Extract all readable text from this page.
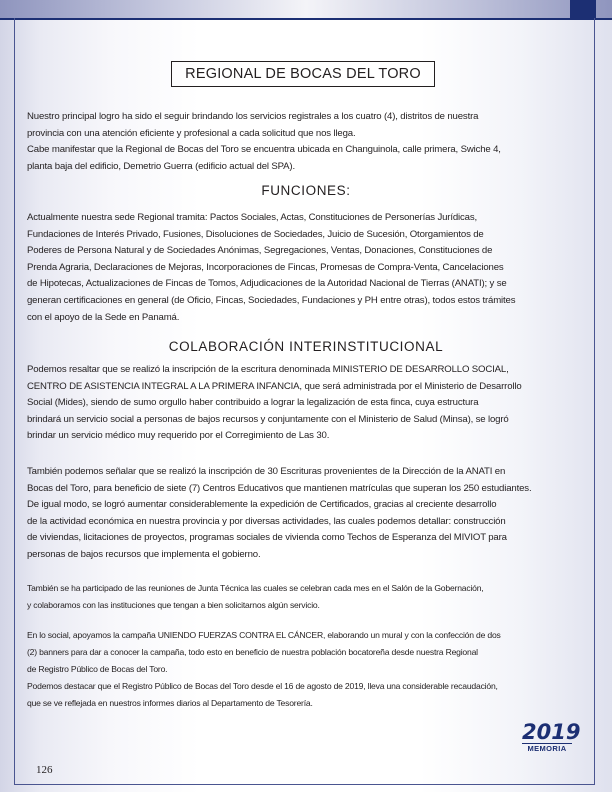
REGIONAL DE BOCAS DEL TORO
Nuestro principal logro ha sido el seguir brindando los servicios registrales a los cuatro (4), distritos de nuestra
provincia con una atención eficiente y profesional a cada solicitud que nos llega.
Cabe manifestar que la Regional de Bocas del Toro se encuentra ubicada en Changuinola, calle primera, Swiche 4,
planta baja del edificio, Demetrio Guerra (edificio actual del SPA).
FUNCIONES:
Actualmente nuestra sede Regional tramita: Pactos Sociales, Actas, Constituciones de Personerías Jurídicas,
Fundaciones de Interés Privado, Fusiones, Disoluciones de Sociedades, Juicio de Sucesión, Otorgamientos de
Poderes de Persona Natural y de Sociedades Anónimas, Segregaciones, Ventas, Donaciones, Constituciones de
Prenda Agraria, Declaraciones de Mejoras, Incorporaciones de Fincas, Promesas de Compra-Venta, Cancelaciones
de Hipotecas, Actualizaciones de Fincas de Tomos, Adjudicaciones de la Autoridad Nacional de Tierras (ANATI); y se
generan certificaciones en general (de Oficio, Fincas, Sociedades, Fundaciones y PH entre otras), todos estos trámites
con el apoyo de la Sede en Panamá.
COLABORACIÓN INTERINSTITUCIONAL
Podemos resaltar que se realizó la inscripción de la escritura denominada MINISTERIO DE DESARROLLO SOCIAL,
CENTRO DE ASISTENCIA INTEGRAL A LA PRIMERA INFANCIA, que será administrada por el Ministerio de Desarrollo
Social (Mides), siendo de sumo orgullo haber contribuido a lograr la legalización de esta finca, cuya estructura
brindará un servicio social a personas de bajos recursos y conjuntamente con el Ministerio de Salud (Minsa), se logró
brindar un servicio médico muy requerido por el Corregimiento de Las 30.
También podemos señalar que se realizó la inscripción de 30 Escrituras provenientes de la Dirección de la ANATI en
Bocas del Toro, para beneficio de siete (7) Centros Educativos que mantienen matrículas que superan los 250 estudiantes.
De igual modo, se logró aumentar considerablemente la expedición de Certificados, gracias al creciente desarrollo
de la actividad económica en nuestra provincia y por diversas actividades, las cuales podemos detallar: construcción
de viviendas, licitaciones de proyectos, programas sociales de vivienda como Techos de Esperanza del MIVIOT para
personas de bajos recursos que implementa el gobierno.
También se ha participado de las reuniones de Junta Técnica las cuales se celebran cada mes en el Salón de la Gobernación,
y colaboramos con las instituciones que tengan a bien solicitarnos algún servicio.
En lo social, apoyamos la campaña UNIENDO FUERZAS CONTRA EL CÁNCER, elaborando un mural y con la confección de dos
(2) banners para dar a conocer la campaña, todo esto en beneficio de nuestra población bocatoreña desde nuestra Regional
de Registro Público de Bocas del Toro.
Podemos destacar que el Registro Público de Bocas del Toro desde el 16 de agosto de 2019, lleva una considerable recaudación,
que se ve reflejada en nuestros informes diarios al Departamento de Tesorería.
2019
MEMORIA
126
